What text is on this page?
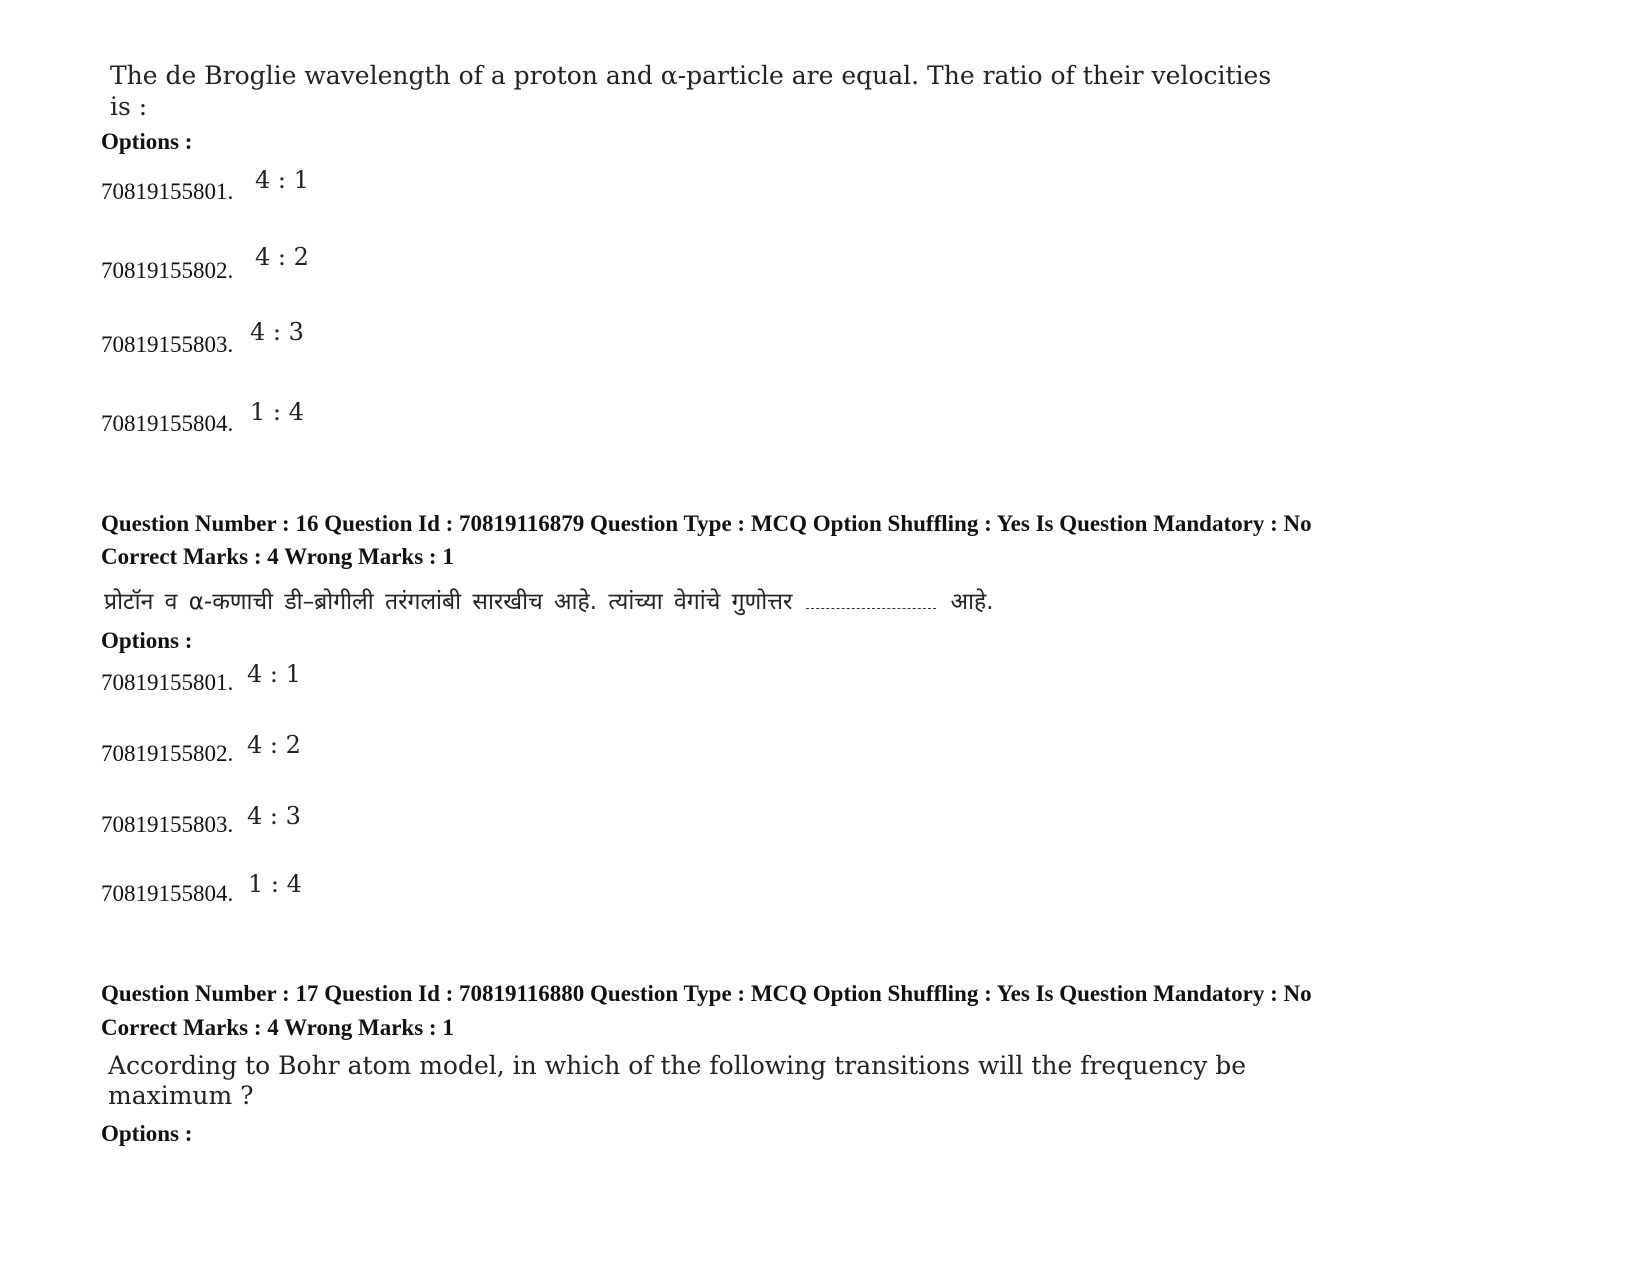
The de Broglie wavelength of a proton and α-particle are equal. The ratio of their velocities
is :
Options :
70819155801. 4 : 1
70819155802. 4 : 2
70819155803. 4 : 3
70819155804. 1 : 4
Question Number : 16 Question Id : 70819116879 Question Type : MCQ Option Shuffling : Yes Is Question Mandatory : No
Correct Marks : 4 Wrong Marks : 1
प्रोटॉन व α-कणाची डी–ब्रोगीली तरंगलांबी सारखीच आहे. त्यांच्या वेगांचे गुणोत्तर	आहे.
Options :
70819155801. 4 : 1
70819155802. 4 : 2
70819155803. 4 : 3
70819155804. 1 : 4
Question Number : 17 Question Id : 70819116880 Question Type : MCQ Option Shuffling : Yes Is Question Mandatory : No
Correct Marks : 4 Wrong Marks : 1
According to Bohr atom model, in which of the following transitions will the frequency be
maximum ?
Options :
